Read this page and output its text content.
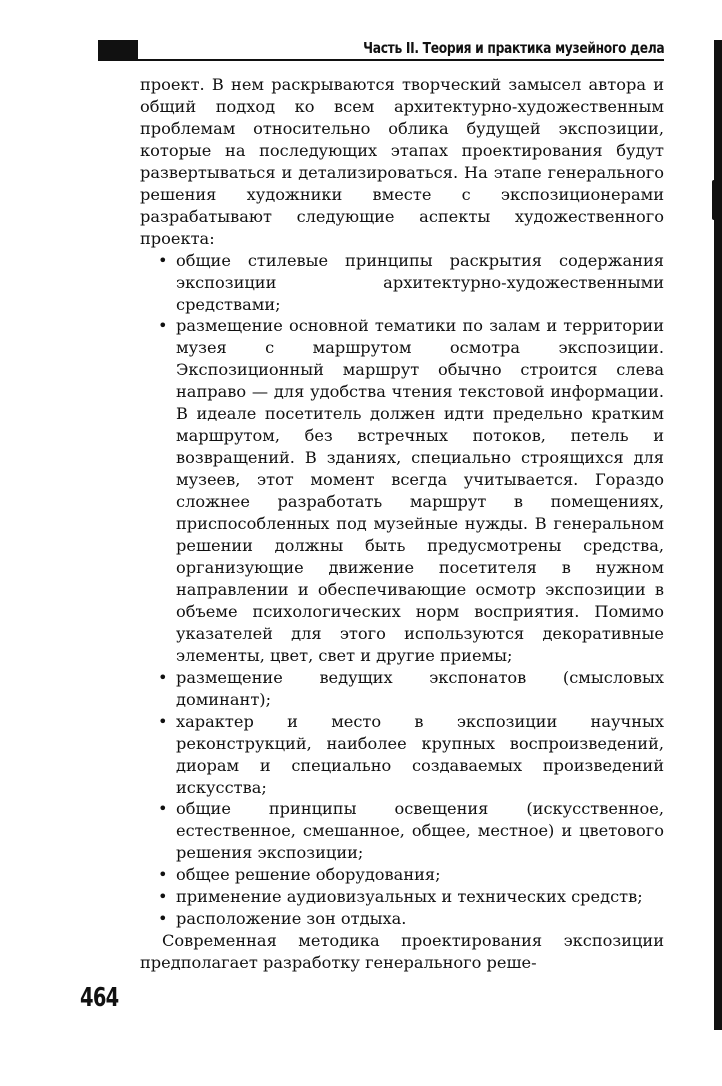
Часть II. Теория и практика музейного дела

проект. В нем раскрываются творческий замысел автора и общий подход ко всем архитектурно-художественным проблемам относительно облика будущей экспозиции, которые на последующих этапах проектирования будут развертываться и детализироваться. На этапе генерального решения художники вместе с экспозиционерами разрабатывают следующие аспекты художественного проекта:

• общие стилевые принципы раскрытия содержания экспозиции архитектурно-художественными средствами;
• размещение основной тематики по залам и территории музея с маршрутом осмотра экспозиции. Экспозиционный маршрут обычно строится слева направо — для удобства чтения текстовой информации. В идеале посетитель должен идти предельно кратким маршрутом, без встречных потоков, петель и возвращений. В зданиях, специально строящихся для музеев, этот момент всегда учитывается. Гораздо сложнее разработать маршрут в помещениях, приспособленных под музейные нужды. В генеральном решении должны быть предусмотрены средства, организующие движение посетителя в нужном направлении и обеспечивающие осмотр экспозиции в объеме психологических норм восприятия. Помимо указателей для этого используются декоративные элементы, цвет, свет и другие приемы;
• размещение ведущих экспонатов (смысловых доминант);
• характер и место в экспозиции научных реконструкций, наиболее крупных воспроизведений, диорам и специально создаваемых произведений искусства;
• общие принципы освещения (искусственное, естественное, смешанное, общее, местное) и цветового решения экспозиции;
• общее решение оборудования;
• применение аудиовизуальных и технических средств;
• расположение зон отдыха.

Современная методика проектирования экспозиции предполагает разработку генерального реше-

464
